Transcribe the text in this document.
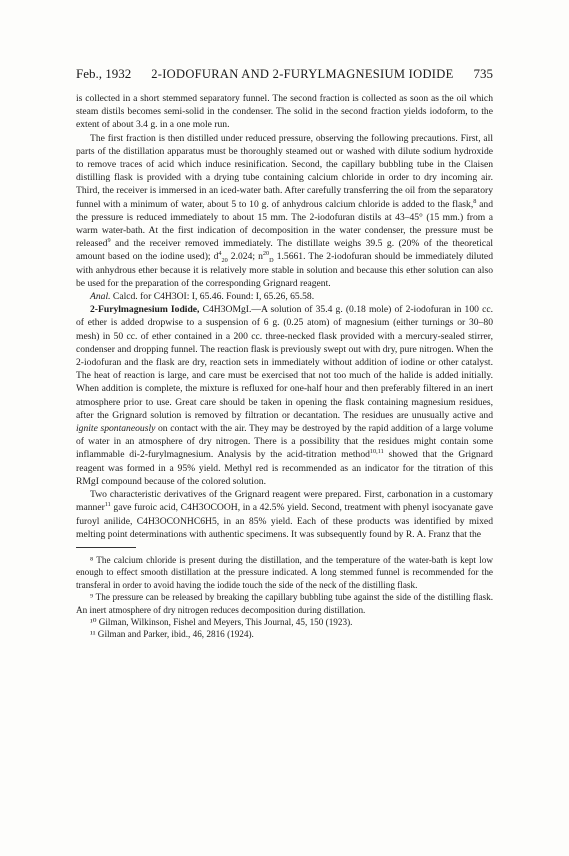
Feb., 1932 2-IODOFURAN AND 2-FURYLMAGNESIUM IODIDE 735

is collected in a short stemmed separatory funnel. The second fraction is collected as soon as the oil which steam distils becomes semi-solid in the condenser. The solid in the second fraction yields iodoform, to the extent of about 3.4 g. in a one mole run.

The first fraction is then distilled under reduced pressure, observing the following precautions. First, all parts of the distillation apparatus must be thoroughly steamed out or washed with dilute sodium hydroxide to remove traces of acid which induce resinification. Second, the capillary bubbling tube in the Claisen distilling flask is provided with a drying tube containing calcium chloride in order to dry incoming air. Third, the receiver is immersed in an iced-water bath. After carefully transferring the oil from the separatory funnel with a minimum of water, about 5 to 10 g. of anhydrous calcium chloride is added to the flask,$^8$ and the pressure is reduced immediately to about 15 mm. The 2-iodofuran distils at 43–45° (15 mm.) from a warm water-bath. At the first indication of decomposition in the water condenser, the pressure must be released$^9$ and the receiver removed immediately. The distillate weighs 39.5 g. (20% of the theoretical amount based on the iodine used); $d^4_{20}$ 2.024; $n^{20}_D$ 1.5661. The 2-iodofuran should be immediately diluted with anhydrous ether because it is relatively more stable in solution and because this ether solution can also be used for the preparation of the corresponding Grignard reagent.

Anal. Calcd. for C4H3OI: I, 65.46. Found: I, 65.26, 65.58.

2-Furylmagnesium Iodide, C4H3OMgI.—A solution of 35.4 g. (0.18 mole) of 2-iodofuran in 100 cc. of ether is added dropwise to a suspension of 6 g. (0.25 atom) of magnesium (either turnings or 30–80 mesh) in 50 cc. of ether contained in a 200 cc. three-necked flask provided with a mercury-sealed stirrer, condenser and dropping funnel. The reaction flask is previously swept out with dry, pure nitrogen. When the 2-iodofuran and the flask are dry, reaction sets in immediately without addition of iodine or other catalyst. The heat of reaction is large, and care must be exercised that not too much of the halide is added initially. When addition is complete, the mixture is refluxed for one-half hour and then preferably filtered in an inert atmosphere prior to use. Great care should be taken in opening the flask containing magnesium residues, after the Grignard solution is removed by filtration or decantation. The residues are unusually active and ignite spontaneously on contact with the air. They may be destroyed by the rapid addition of a large volume of water in an atmosphere of dry nitrogen. There is a possibility that the residues might contain some inflammable di-2-furylmagnesium. Analysis by the acid-titration method$^{10,11}$ showed that the Grignard reagent was formed in a 95% yield. Methyl red is recommended as an indicator for the titration of this RMgI compound because of the colored solution.

Two characteristic derivatives of the Grignard reagent were prepared. First, carbonation in a customary manner$^{11}$ gave furoic acid, C4H3OCOOH, in a 42.5% yield. Second, treatment with phenyl isocyanate gave furoyl anilide, C4H3OCONHC6H5, in an 85% yield. Each of these products was identified by mixed melting point determinations with authentic specimens. It was subsequently found by R. A. Franz that the

⁸ The calcium chloride is present during the distillation, and the temperature of the water-bath is kept low enough to effect smooth distillation at the pressure indicated. A long stemmed funnel is recommended for the transferal in order to avoid having the iodide touch the side of the neck of the distilling flask.

⁹ The pressure can be released by breaking the capillary bubbling tube against the side of the distilling flask. An inert atmosphere of dry nitrogen reduces decomposition during distillation.

¹⁰ Gilman, Wilkinson, Fishel and Meyers, This Journal, 45, 150 (1923).

¹¹ Gilman and Parker, ibid., 46, 2816 (1924).
